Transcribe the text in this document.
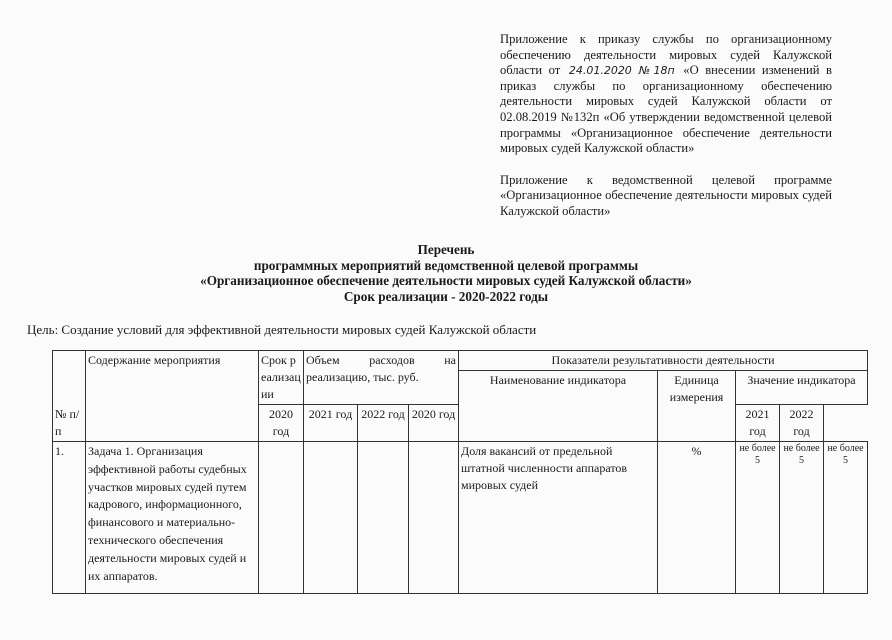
Приложение к приказу службы по организационному обеспечению деятельности мировых судей Калужской области от 24.01.2020 №18п «О внесении изменений в приказ службы по организационному обеспечению деятельности мировых судей Калужской области от 02.08.2019 №132п «Об утверждении ведомственной целевой программы «Организационное обеспечение деятельности мировых судей Калужской области»

Приложение к ведомственной целевой программе «Организационное обеспечение деятельности мировых судей Калужской области»

Перечень
программных мероприятий ведомственной целевой программы
«Организационное обеспечение деятельности мировых судей Калужской области»
Срок реализации - 2020-2022 годы
Цель: Создание условий для эффективной деятельности мировых судей Калужской области
№ п/п	Содержание мероприятия	Срок реализации	Объем расходов на реализацию, тыс. руб.			Показатели результативности деятельности				
						Наименование индикатора	Единица измерения	Значение индикатора		
		2020 год	2021 год	2022 год	2020 год			2021 год	2022 год	
1.	Задача 1. Организация эффективной работы судебных участков мировых судей путем кадрового, информационного, финансового и материально-технического обеспечения деятельности мировых судей и их аппаратов.					Доля вакансий от предельной штатной численности аппаратов мировых судей	%	не более 5	не более 5	не более 5
